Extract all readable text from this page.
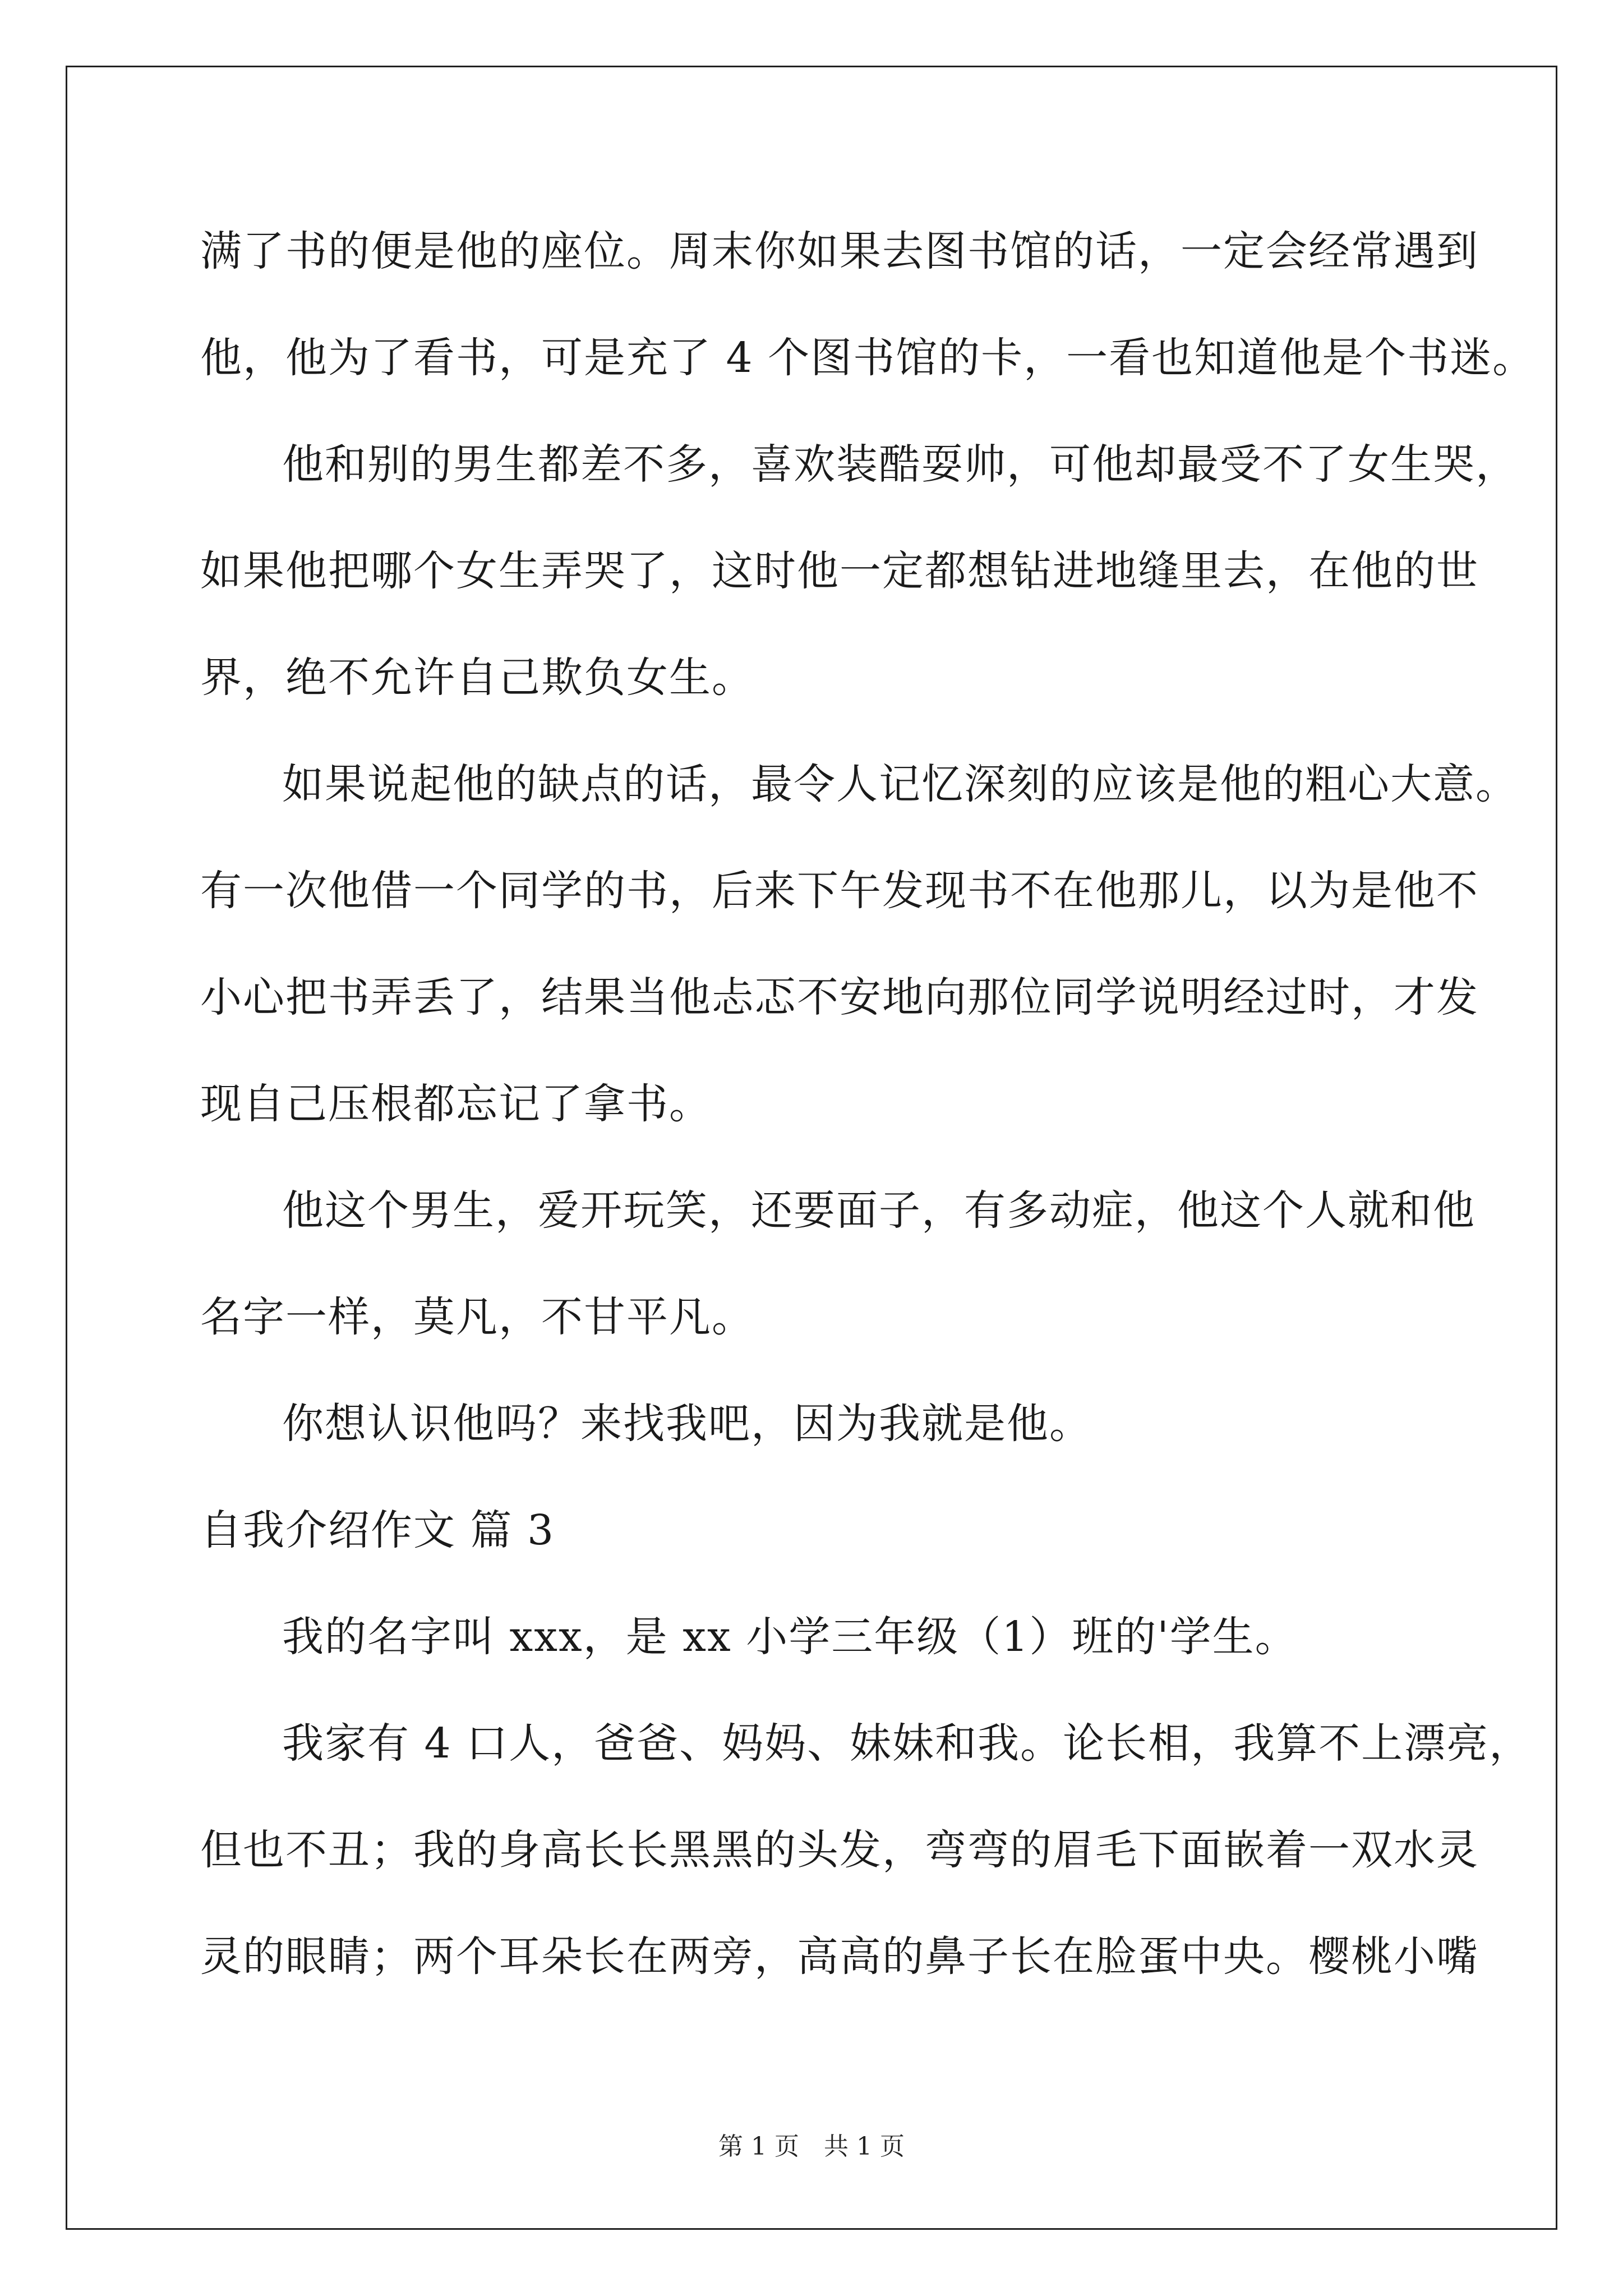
满了书的便是他的座位。周末你如果去图书馆的话，一定会经常遇到
他，他为了看书，可是充了 4 个图书馆的卡，一看也知道他是个书迷。
他和别的男生都差不多，喜欢装酷耍帅，可他却最受不了女生哭，
如果他把哪个女生弄哭了，这时他一定都想钻进地缝里去，在他的世
界，绝不允许自己欺负女生。
如果说起他的缺点的话，最令人记忆深刻的应该是他的粗心大意。
有一次他借一个同学的书，后来下午发现书不在他那儿，以为是他不
小心把书弄丢了，结果当他忐忑不安地向那位同学说明经过时，才发
现自己压根都忘记了拿书。
他这个男生，爱开玩笑，还要面子，有多动症，他这个人就和他
名字一样，莫凡，不甘平凡。
你想认识他吗？来找我吧，因为我就是他。
自我介绍作文 篇 3
我的名字叫 xxx，是 xx 小学三年级（1）班的'学生。
我家有 4 口人，爸爸、妈妈、妹妹和我。论长相，我算不上漂亮，
但也不丑；我的身高长长黑黑的头发，弯弯的眉毛下面嵌着一双水灵
灵的眼睛；两个耳朵长在两旁，高高的鼻子长在脸蛋中央。樱桃小嘴
第 1 页　共 1 页
